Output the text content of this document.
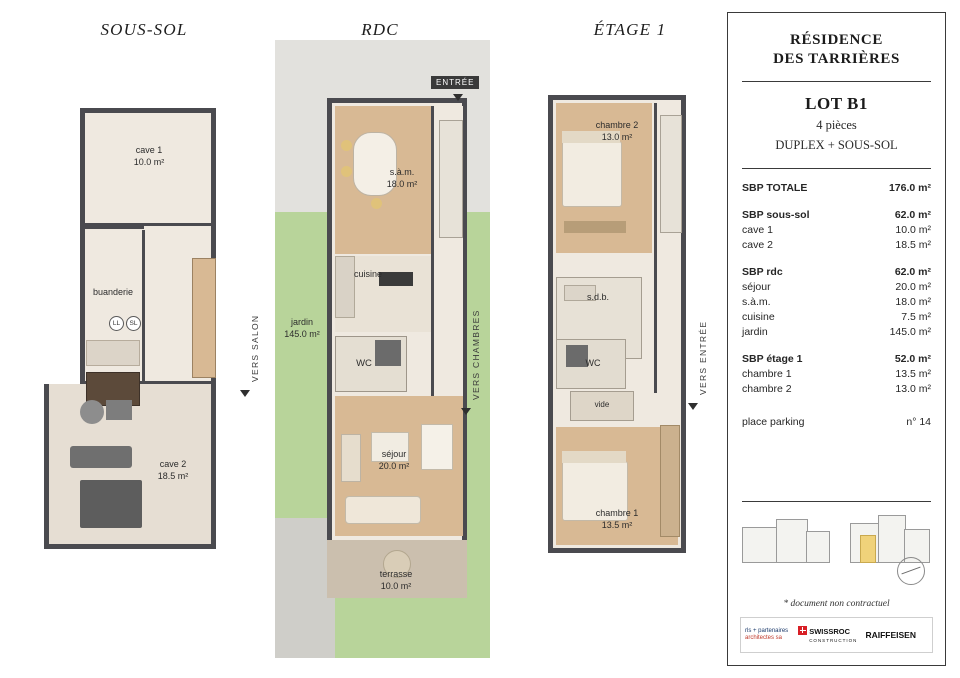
SOUS-SOL	RDC	ÉTAGE 1
VERS SALON
LL	SL
cave 1
10.0 m²
buanderie
cave 2
18.5 m²
ENTRÉE
VERS CHAMBRES
s.à.m.
18.0 m²
cuisine
WC
séjour
20.0 m²
terrasse
10.0 m²
jardin
145.0 m²	VERS ENTRÉE
chambre 2
13.0 m²
s.d.b.
WC
vide
chambre 1
13.5 m²
RÉSIDENCE
DES TARRIÈRES
LOT B1
4 pièces
DUPLEX + SOUS-SOL
SBP TOTALE	176.0 m²
SBP sous-sol	62.0 m²
cave 1	10.0 m²
cave 2	18.5 m²
SBP rdc	62.0 m²
séjour	20.0 m²
s.à.m.	18.0 m²
cuisine	7.5 m²
jardin	145.0 m²
SBP étage 1	52.0 m²
chambre 1	13.5 m²
chambre 2	13.0 m²
place parking	n° 14
* document non contractuel
rls + partenaires
architectes sa
SWISSROC
CONSTRUCTION RAIFFEISEN
